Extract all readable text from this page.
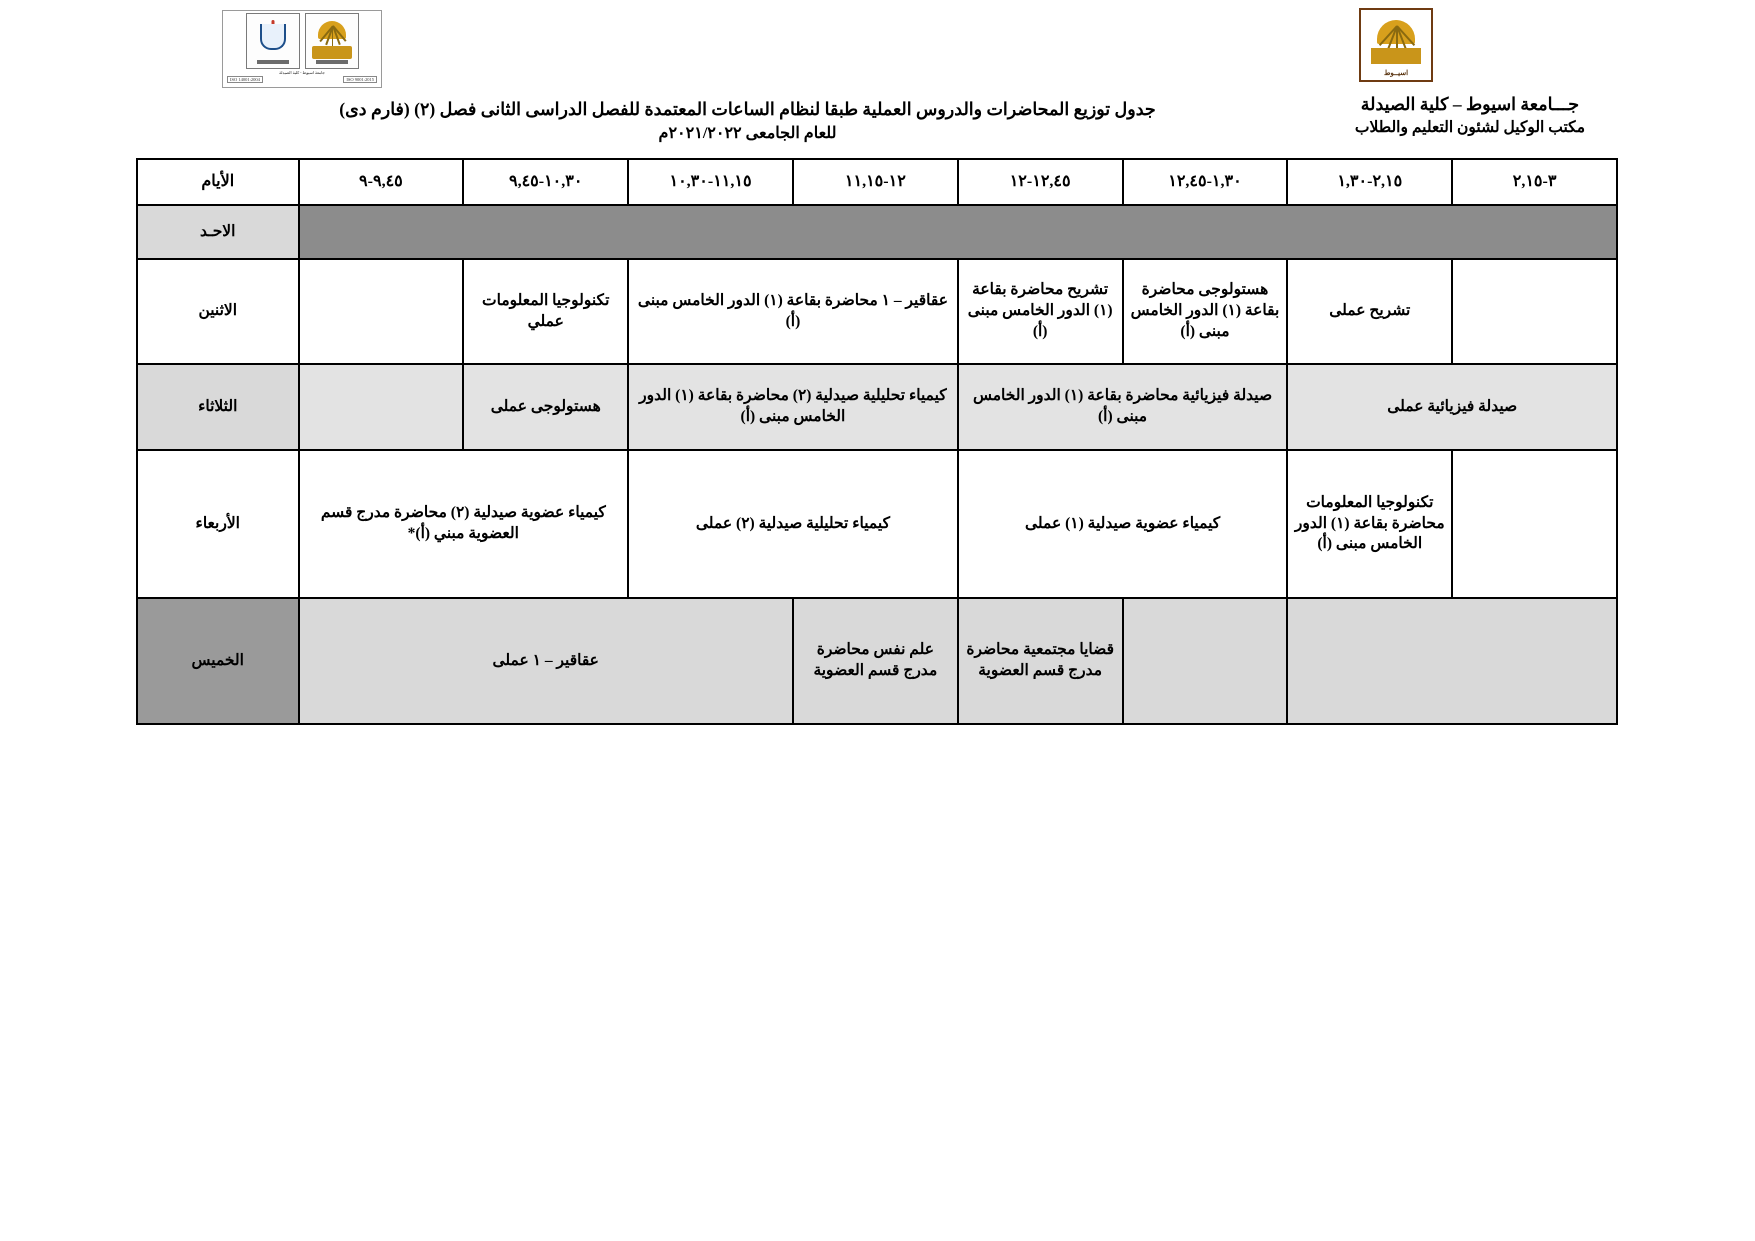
جامعة اسيوط - كلية الصيدلة
ISO 9001:2015
ISO 14001:2004
اسيــوط
جـــامعة اسيوط – كلية الصيدلة
مكتب الوكيل لشئون التعليم والطلاب
جدول توزيع المحاضرات والدروس العملية طبقا لنظام الساعات المعتمدة للفصل الدراسى الثانى فصل (٢) (فارم دى)
للعام الجامعى ٢٠٢١/٢٠٢٢م
٣-٢,١٥	٢,١٥-١,٣٠	١,٣٠-١٢,٤٥	١٢,٤٥-١٢	١٢-١١,١٥	١١,١٥-١٠,٣٠	١٠,٣٠-٩,٤٥	٩,٤٥-٩	الأيام
								الاحـد
	تشريح عملى	هستولوجى محاضرة بقاعة (١) الدور الخامس مبنى (أ)	تشريح محاضرة بقاعة (١) الدور الخامس مبنى (أ)	عقاقير – ١ محاضرة بقاعة (١) الدور الخامس مبنى (أ)		تكنولوجيا المعلومات عملي		الاثنين
صيدلة فيزيائية عملى		صيدلة فيزيائية محاضرة بقاعة (١) الدور الخامس مبنى (أ)		كيمياء تحليلية صيدلية (٢) محاضرة بقاعة (١) الدور الخامس مبنى (أ)		هستولوجى عملى		الثلاثاء
	تكنولوجيا المعلومات محاضرة بقاعة (١) الدور الخامس مبنى (أ)	كيمياء عضوية صيدلية (١) عملى		كيمياء تحليلية صيدلية (٢) عملى		كيمياء عضوية صيدلية (٢) محاضرة مدرج قسم العضوية مبني (أ)*		الأربعاء
			قضايا مجتمعية محاضرة مدرج قسم العضوية	علم نفس محاضرة مدرج قسم العضوية	عقاقير – ١ عملى			الخميس
